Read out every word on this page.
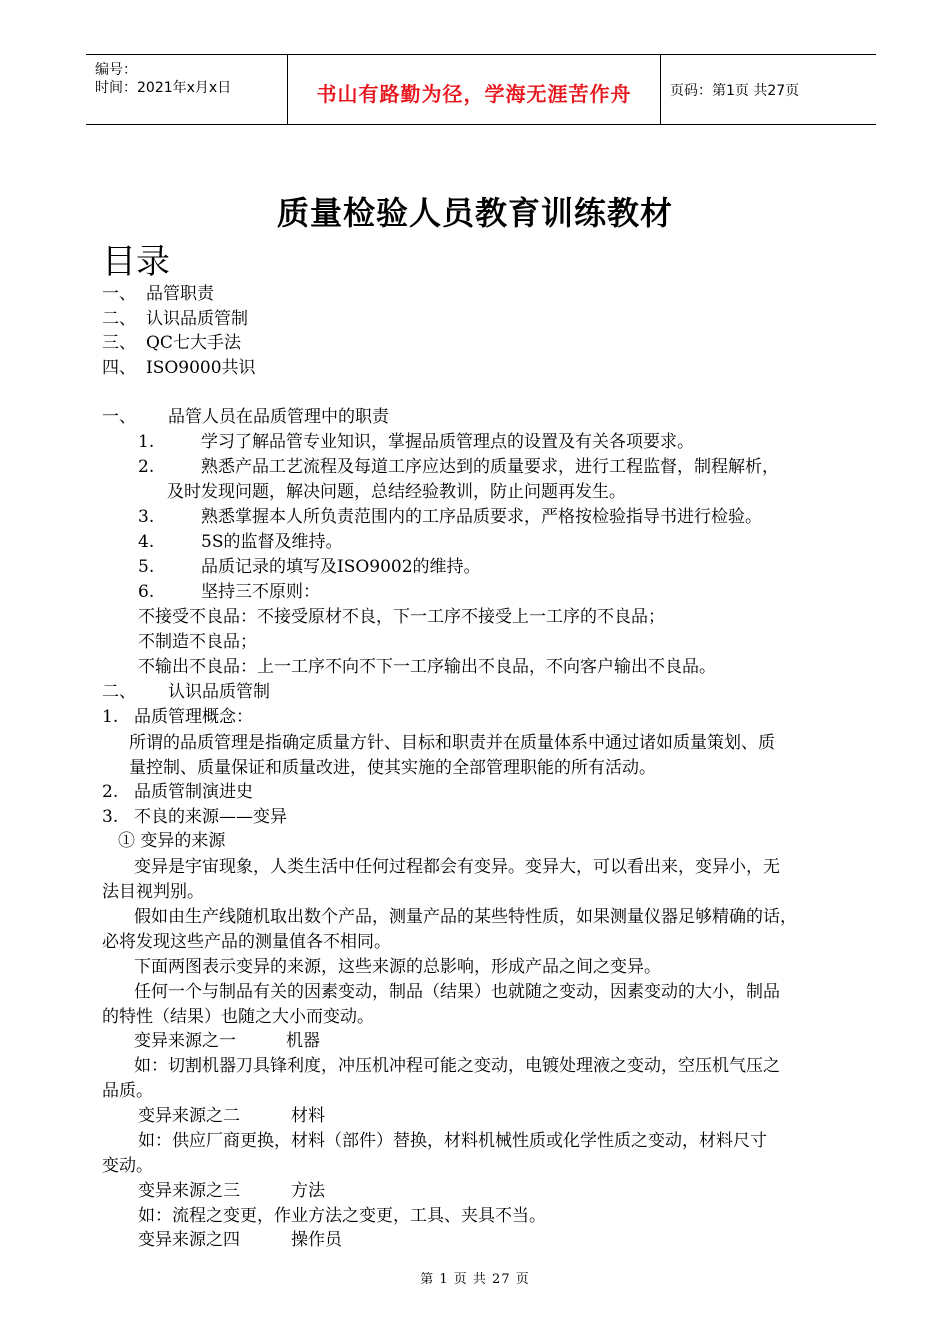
编号：
时间：2021年x月x日	书山有路勤为径，学海无涯苦作舟	页码：第1页 共27页
质量检验人员教育训练教材
目录
一、 品管职责
二、 认识品质管制
三、 QC七大手法
四、 ISO9000共识
一、 品管人员在品质管理中的职责
1.	学习了解品管专业知识，掌握品质管理点的设置及有关各项要求。
2.	熟悉产品工艺流程及每道工序应达到的质量要求，进行工程监督，制程解析，
及时发现问题，解决问题，总结经验教训，防止问题再发生。
3.	熟悉掌握本人所负责范围内的工序品质要求，严格按检验指导书进行检验。
4.	5S的监督及维持。
5.	品质记录的填写及ISO9002的维持。
6.	坚持三不原则：
不接受不良品：不接受原材不良，下一工序不接受上一工序的不良品；
不制造不良品；
不输出不良品：上一工序不向不下一工序输出不良品，不向客户输出不良品。
二、 认识品质管制
1. 品质管理概念：
所谓的品质管理是指确定质量方针、目标和职责并在质量体系中通过诸如质量策划、质
量控制、质量保证和质量改进，使其实施的全部管理职能的所有活动。
2. 品质管制演进史
3. 不良的来源——变异
① 变异的来源
变异是宇宙现象，人类生活中任何过程都会有变异。变异大，可以看出来，变异小，无
法目视判别。
假如由生产线随机取出数个产品，测量产品的某些特性质，如果测量仪器足够精确的话，
必将发现这些产品的测量值各不相同。
下面两图表示变异的来源，这些来源的总影响，形成产品之间之变异。
任何一个与制品有关的因素变动，制品（结果）也就随之变动，因素变动的大小，制品
的特性（结果）也随之大小而变动。
变异来源之一	机器
如：切割机器刀具锋利度，冲压机冲程可能之变动，电镀处理液之变动，空压机气压之
品质。
变异来源之二	材料
如：供应厂商更换，材料（部件）替换，材料机械性质或化学性质之变动，材料尺寸
变动。
变异来源之三	方法
如：流程之变更，作业方法之变更，工具、夹具不当。
变异来源之四	操作员
第 1 页 共 27 页
